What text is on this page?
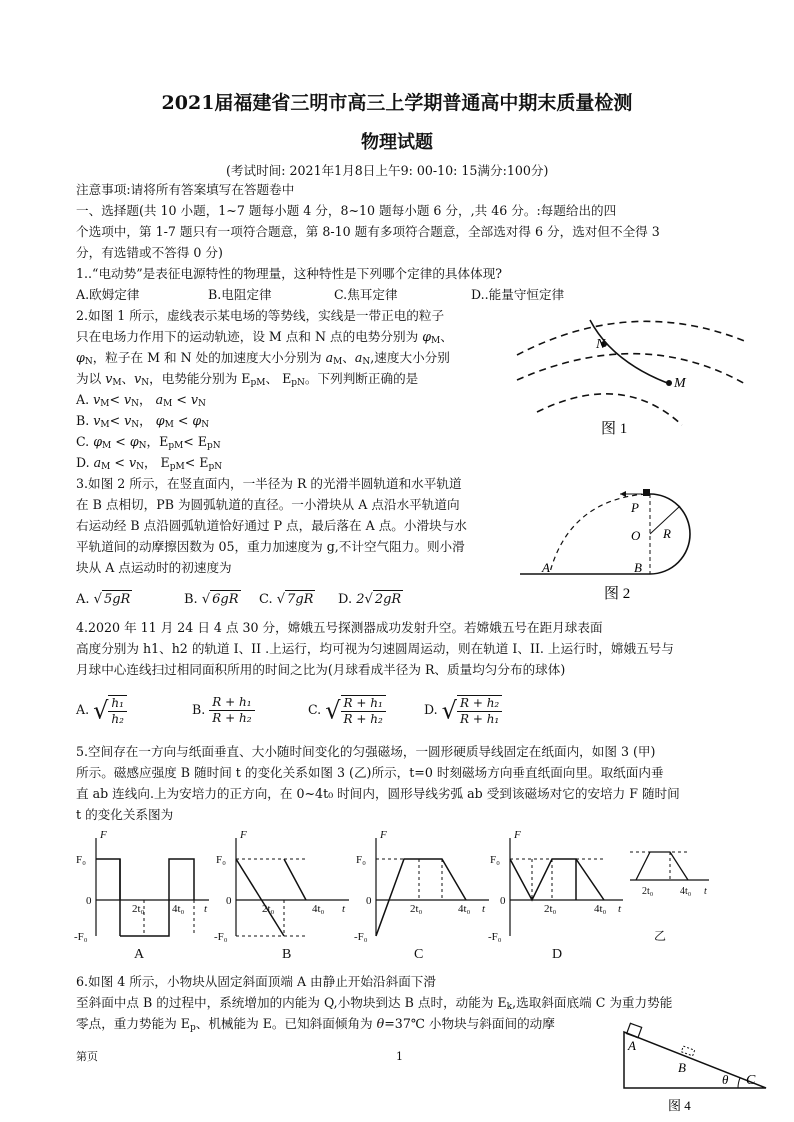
2021届福建省三明市高三上学期普通高中期末质量检测
物理试题
(考试时间: 2021年1月8日上午9: 00-10: 15满分:100分)
注意事项:请将所有答案填写在答题卷中
一、选择题(共 10 小题，1~7 题每小题 4 分，8~10 题每小题 6 分，,共 46 分。:每题给出的四
个选项中，第 1-7 题只有一项符合题意，第 8-10 题有多项符合题意，全部选对得 6 分，选对但不全得 3
分，有选错或不答得 0 分)
1..“电动势”是表征电源特性的物理量，这种特性是下列哪个定律的具体体现?
A.欧姆定律	B.电阻定律	C.焦耳定律	D..能量守恒定律
2.如图 1 所示，虚线表示某电场的等势线，实线是一带正电的粒子
只在电场力作用下的运动轨迹，设 M 点和 N 点的电势分别为 $\varphi_M$、
$\varphi_N$，粒子在 M 和 N 处的加速度大小分别为 $a_M$、$a_N$,速度大小分别
为以 $v_M$、$v_N$，电势能分别为 $E_{pM}$、 $E_{pN}$。下列判断正确的是
A. $v_M< v_N$， $a_M < v_N$
B. $v_M< v_N$， $\varphi_M < \varphi_N$
C. $\varphi_M < \varphi_N$，$E_{pM}< E_{pN}$
D. $a_M < v_N$， $E_{pM}< E_{pN}$
N
M
图 1
3.如图 2 所示，在竖直面内，一半径为 R 的光滑半圆轨道和水平轨道
在 B 点相切，PB 为圆弧轨道的直径。一小滑块从 A 点沿水平轨道向
右运动经 B 点沿圆弧轨道恰好通过 P 点，最后落在 A 点。小滑块与水
平轨道间的动摩擦因数为 05，重力加速度为 g,不计空气阻力。则小滑
块从 A 点运动时的初速度为
A. √ 5gR	B. √ 6gR C. √ 7gR D. 2√ 2gR
P
O R
A	B
图 2
4.2020 年 11 月 24 日 4 点 30 分，嫦娥五号探测器成功发射升空。若嫦娥五号在距月球表面
高度分别为 h1、h2 的轨道 I、II .上运行，均可视为匀速圆周运动，则在轨道 I、II. 上运行时，嫦娥五号与
月球中心连线扫过相同面积所用的时间之比为(月球看成半径为 R、质量均匀分布的球体)
A. √ $\frac{\text{h₁}}{\text{h₂}}$	B. $\frac{\text{R + h₁}}{\text{R + h₂}}$	C. √ $\frac{\text{R + h₁}}{\text{R + h₂}}$	D. √ $\frac{\text{R + h₂}}{\text{R + h₁}}$
5.空间存在一方向与纸面垂直、大小随时间变化的匀强磁场，一圆形硬质导线固定在纸面内，如图 3 (甲)
所示。磁感应强度 B 随时间 t 的变化关系如图 3 (乙)所示，t=0 时刻磁场方向垂直纸面向里。取纸面内垂
直 ab 连线向.上为安培力的正方向，在 0~4t₀ 时间内，圆形导线劣弧 ab 受到该磁场对它的安培力 F 随时间
t 的变化关系图为
F
F₀
0
-F₀
2t₀	4t₀ t
A
F
F₀
0
-F₀
2t₀	4t₀ t
B
F
F₀
0
-F₀
2t₀	4t₀ t
C
F
F₀
0
-F₀
2t₀	4t₀ t
D
2t₀	4t₀ t
乙
6.如图 4 所示，小物块从固定斜面顶端 A 由静止开始沿斜面下滑
至斜面中点 B 的过程中，系统增加的内能为 Q,小物块到达 B 点时，动能为 $E_k$,选取斜面底端 C 为重力势能
零点，重力势能为 $E_p$、机械能为 E。已知斜面倾角为 θ=37℃ 小物块与斜面间的动摩
A
B
θ C
图 4
第页	1
